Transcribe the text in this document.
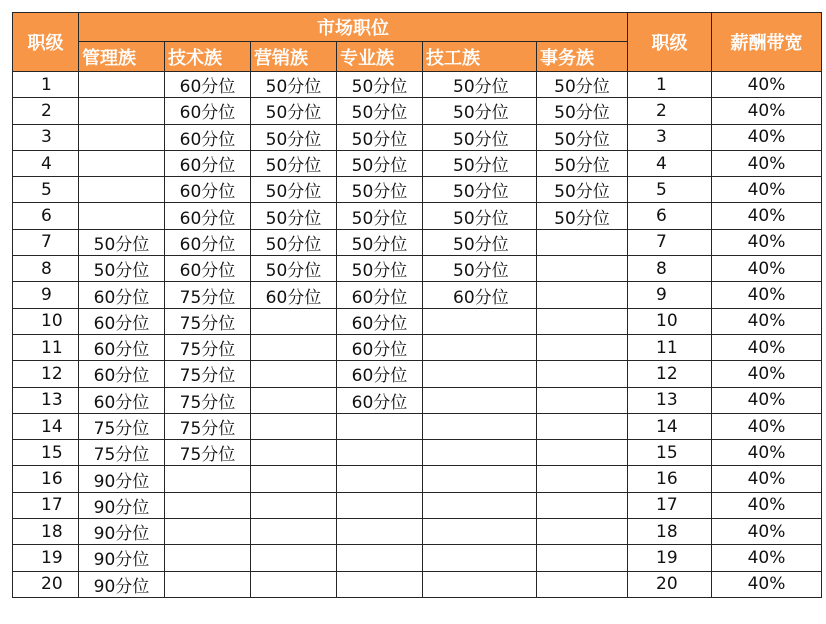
职级	市场职位						职级	薪酬带宽
	管理族	技术族	营销族	专业族	技工族	事务族		
1		60分位	50分位	50分位	50分位	50分位	1	40%
2		60分位	50分位	50分位	50分位	50分位	2	40%
3		60分位	50分位	50分位	50分位	50分位	3	40%
4		60分位	50分位	50分位	50分位	50分位	4	40%
5		60分位	50分位	50分位	50分位	50分位	5	40%
6		60分位	50分位	50分位	50分位	50分位	6	40%
7	50分位	60分位	50分位	50分位	50分位		7	40%
8	50分位	60分位	50分位	50分位	50分位		8	40%
9	60分位	75分位	60分位	60分位	60分位		9	40%
10	60分位	75分位		60分位			10	40%
11	60分位	75分位		60分位			11	40%
12	60分位	75分位		60分位			12	40%
13	60分位	75分位		60分位			13	40%
14	75分位	75分位					14	40%
15	75分位	75分位					15	40%
16	90分位						16	40%
17	90分位						17	40%
18	90分位						18	40%
19	90分位						19	40%
20	90分位						20	40%
